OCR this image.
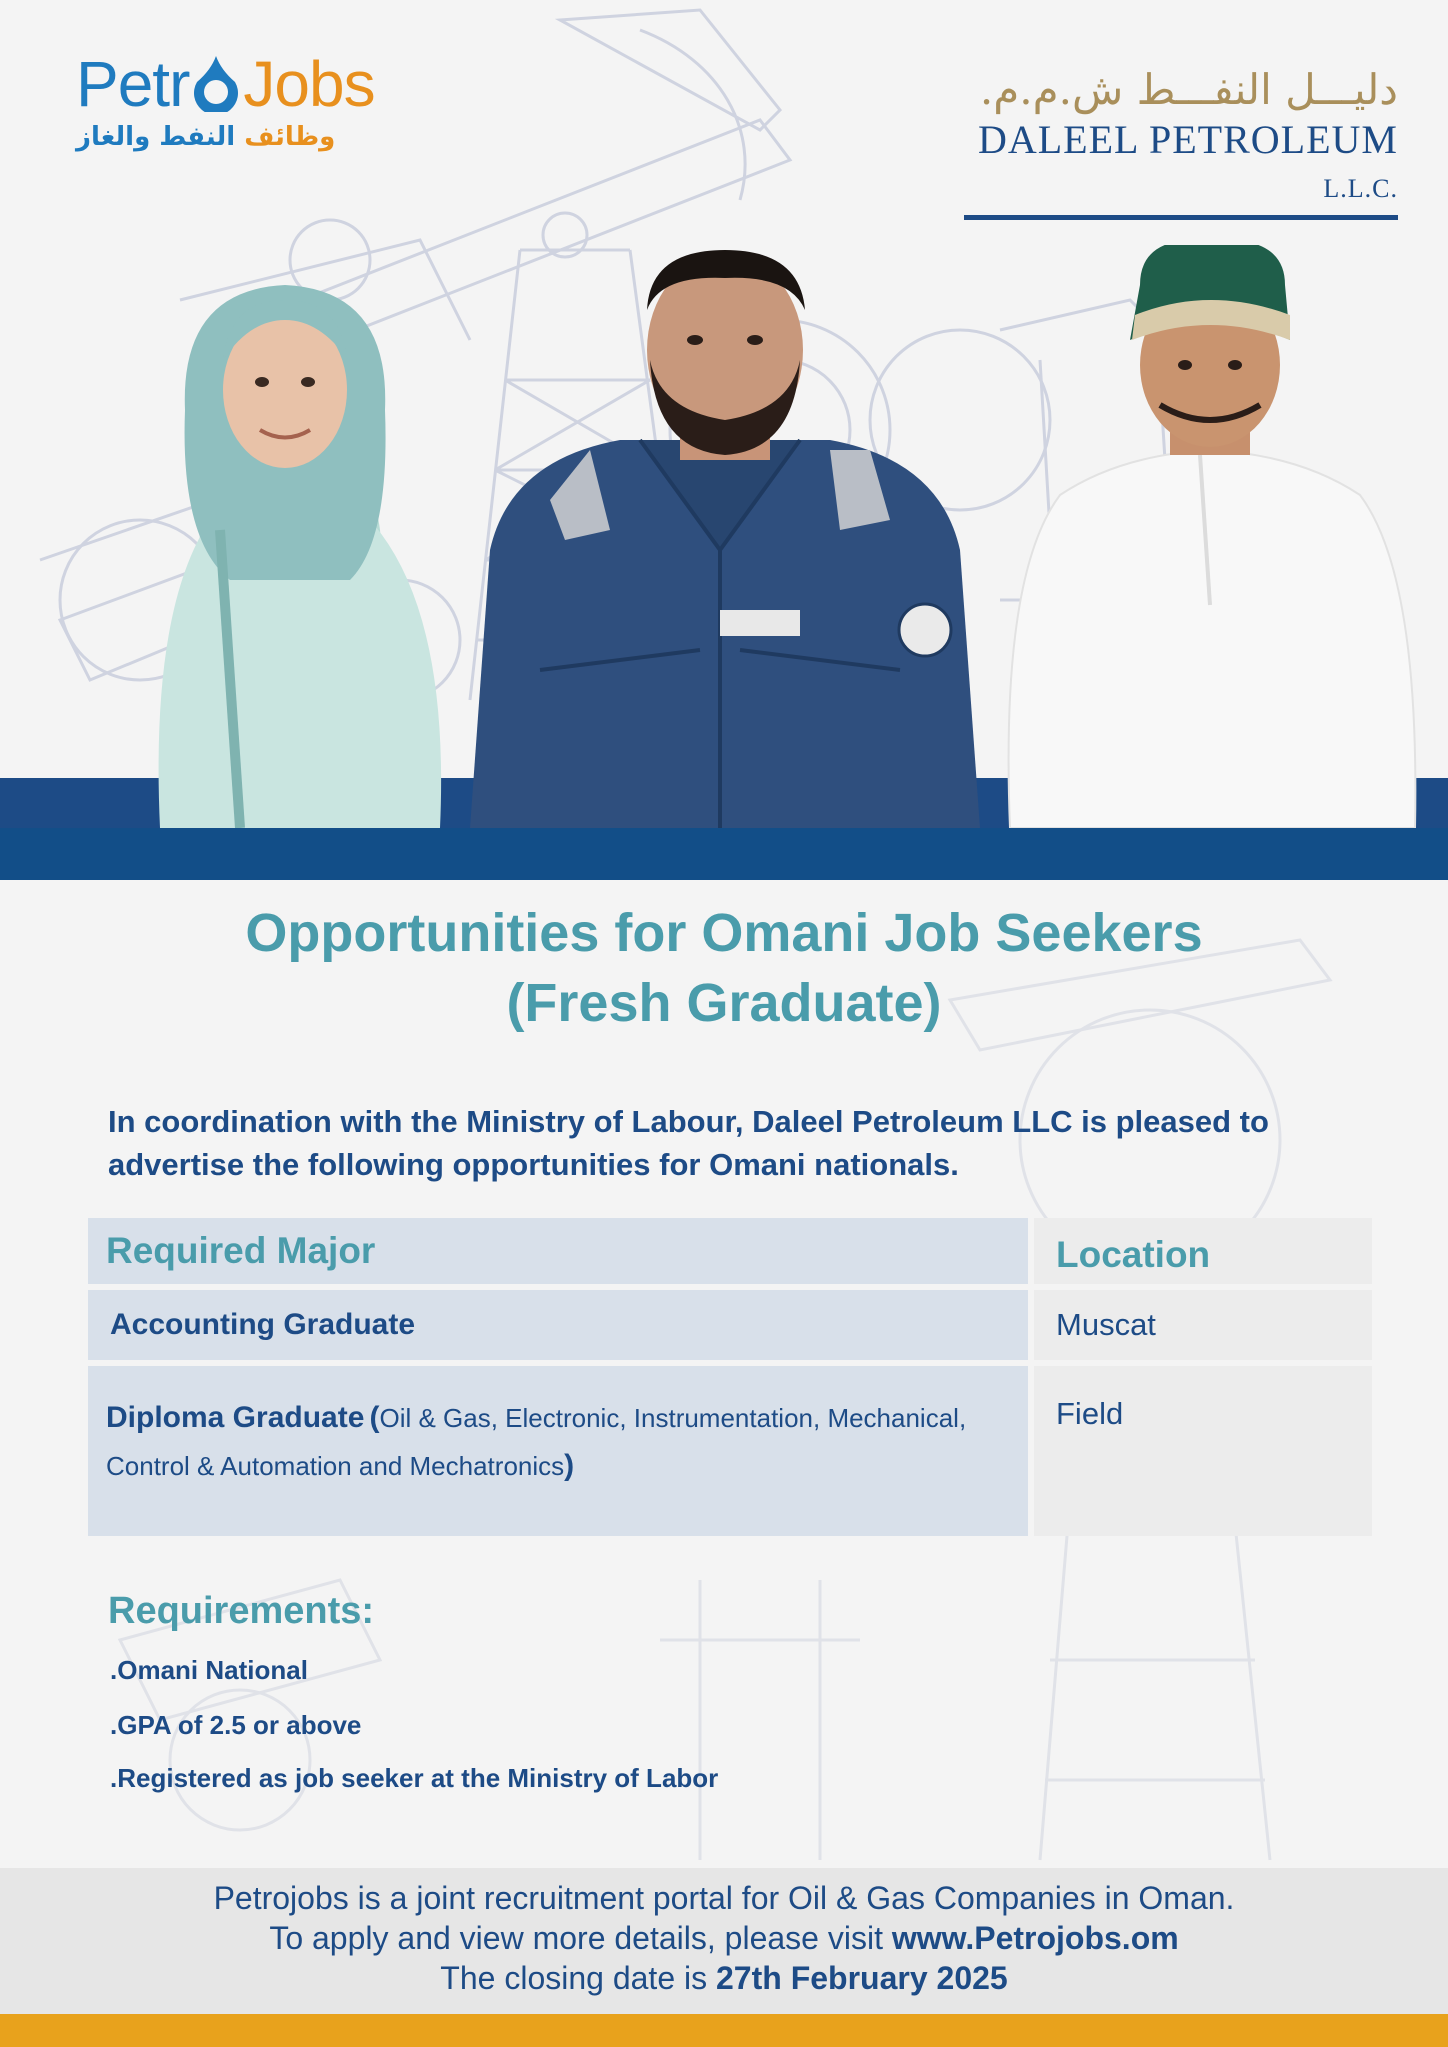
Petr Jobs
وظائف النفط والغاز
دليـــل النفـــط ش.م.م.
DALEEL PETROLEUM L.L.C.
Opportunities for Omani Job Seekers
(Fresh Graduate)
In coordination with the Ministry of Labour, Daleel Petroleum LLC is pleased to advertise the following opportunities for Omani nationals.
Required Major	Location
Accounting Graduate	Muscat
Diploma Graduate (Oil & Gas, Electronic, Instrumentation, Mechanical, Control & Automation and Mechatronics)
Field
Requirements:
.Omani National
.GPA of 2.5 or above
.Registered as job seeker at the Ministry of Labor
Petrojobs is a joint recruitment portal for Oil & Gas Companies in Oman.
To apply and view more details, please visit www.Petrojobs.om
The closing date is 27th February 2025
